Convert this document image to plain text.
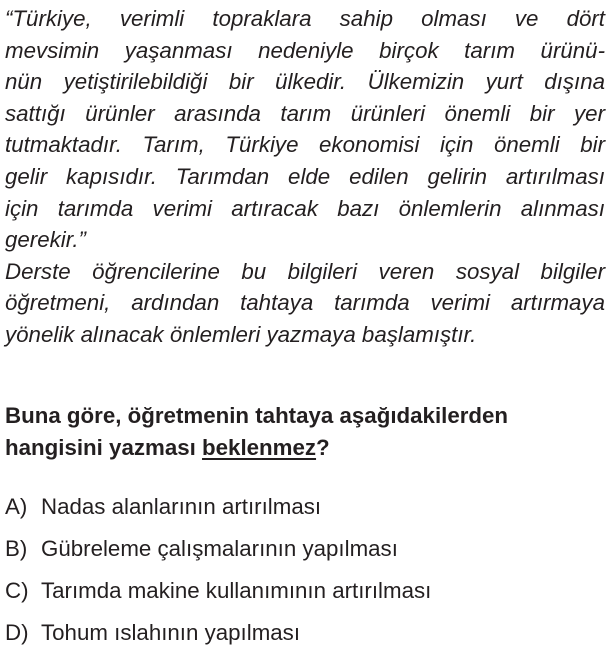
“Türkiye, verimli topraklara sahip olması ve dört
mevsimin yaşanması nedeniyle birçok tarım ürünü-
nün yetiştirilebildiği bir ülkedir. Ülkemizin yurt dışına
sattığı ürünler arasında tarım ürünleri önemli bir yer
tutmaktadır. Tarım, Türkiye ekonomisi için önemli bir
gelir kapısıdır. Tarımdan elde edilen gelirin artırılması
için tarımda verimi artıracak bazı önlemlerin alınması
gerekir.”
Derste öğrencilerine bu bilgileri veren sosyal bilgiler
öğretmeni, ardından tahtaya tarımda verimi artırmaya
yönelik alınacak önlemleri yazmaya başlamıştır.
Buna göre, öğretmenin tahtaya aşağıdakilerden
hangisini yazması beklenmez?
A) Nadas alanlarının artırılması
B) Gübreleme çalışmalarının yapılması
C) Tarımda makine kullanımının artırılması
D) Tohum ıslahının yapılması
